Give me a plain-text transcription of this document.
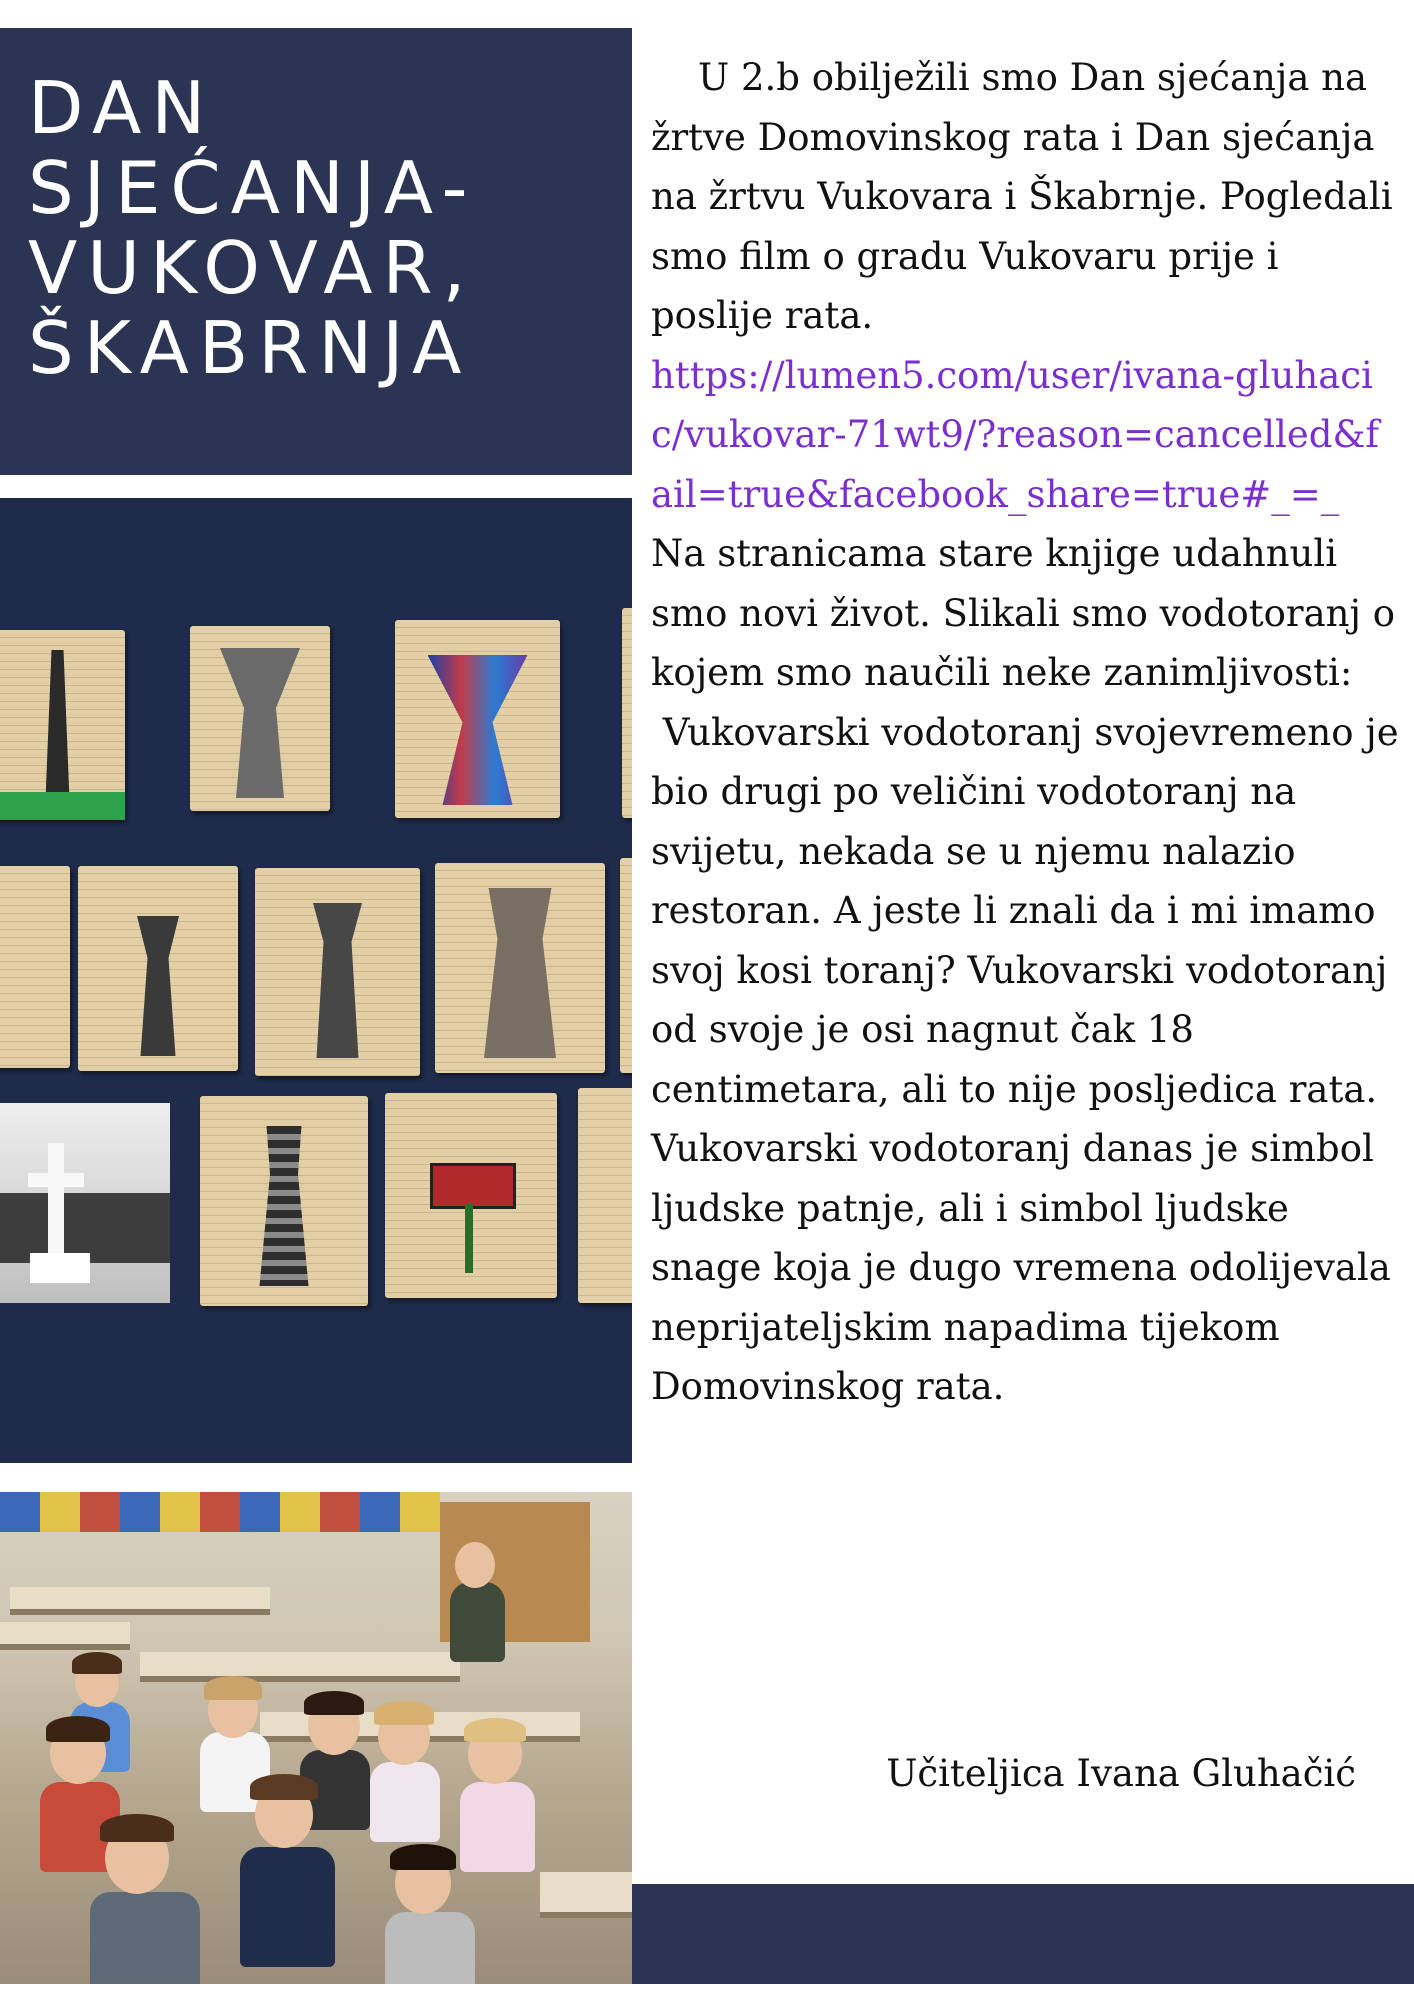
DAN
SJEĆANJA-
VUKOVAR,
ŠKABRNJA

U 2.b obilježili smo Dan sjećanja na žrtve Domovinskog rata i Dan sjećanja na žrtvu Vukovara i Škabrnje. Pogledali smo film o gradu Vukovaru prije i poslije rata.

https://lumen5.com/user/ivana-gluhacic/vukovar-71wt9/?reason=cancelled&fail=true&facebook_share=true#_=_

Na stranicama stare knjige udahnuli smo novi život. Slikali smo vodotoranj o kojem smo naučili neke zanimljivosti:
Vukovarski vodotoranj svojevremeno je bio drugi po veličini vodotoranj na svijetu, nekada se u njemu nalazio restoran. A jeste li znali da i mi imamo svoj kosi toranj? Vukovarski vodotoranj od svoje je osi nagnut čak 18 centimetara, ali to nije posljedica rata. Vukovarski vodotoranj danas je simbol ljudske patnje, ali i simbol ljudske snage koja je dugo vremena odolijevala neprijateljskim napadima tijekom Domovinskog rata.

Učiteljica Ivana Gluhačić
